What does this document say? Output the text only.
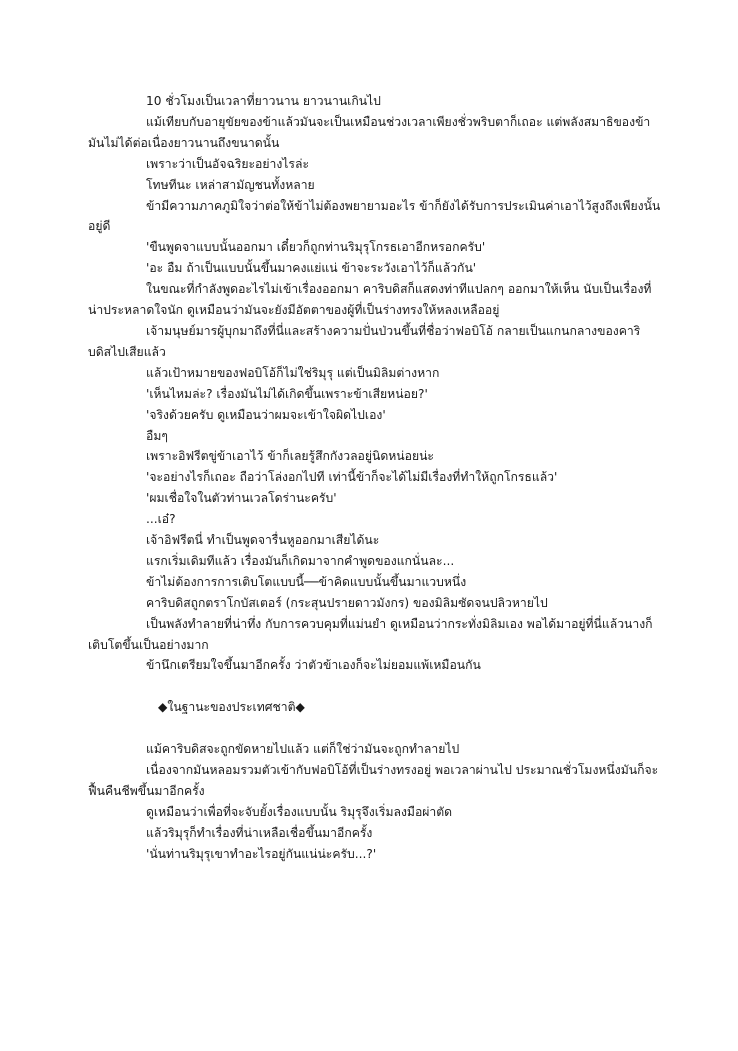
10 ชั่วโมงเป็นเวลาที่ยาวนาน ยาวนานเกินไป

แม้เทียบกับอายุขัยของข้าแล้วมันจะเป็นเหมือนช่วงเวลาเพียงชั่วพริบตาก็เถอะ แต่พลังสมาธิของข้ามันไม่ได้ต่อเนื่องยาวนานถึงขนาดนั้น

เพราะว่าเป็นอัจฉริยะอย่างไรล่ะ

โทษทีนะ เหล่าสามัญชนทั้งหลาย

ข้ามีความภาคภูมิใจว่าต่อให้ข้าไม่ต้องพยายามอะไร ข้าก็ยังได้รับการประเมินค่าเอาไว้สูงถึงเพียงนั้นอยู่ดี

'ขืนพูดจาแบบนั้นออกมา เดี๋ยวก็ถูกท่านริมุรุโกรธเอาอีกหรอกครับ'

'อะ อืม ถ้าเป็นแบบนั้นขึ้นมาคงแย่แน่ ข้าจะระวังเอาไว้ก็แล้วกัน'

ในขณะที่กำลังพูดอะไรไม่เข้าเรื่องออกมา คาริบดิสก็แสดงท่าทีแปลกๆ ออกมาให้เห็น นับเป็นเรื่องที่น่าประหลาดใจนัก ดูเหมือนว่ามันจะยังมีอัตตาของผู้ที่เป็นร่างทรงให้หลงเหลืออยู่

เจ้ามนุษย์มารผู้บุกมาถึงที่นี่และสร้างความปั่นป่วนขึ้นที่ชื่อว่าฟอบิโอ้ กลายเป็นแกนกลางของคาริบดิสไปเสียแล้ว

แล้วเป้าหมายของฟอบิโอ้ก็ไม่ใช่ริมุรุ แต่เป็นมิลิมต่างหาก

'เห็นไหมล่ะ? เรื่องมันไม่ได้เกิดขึ้นเพราะข้าเสียหน่อย?'

'จริงด้วยครับ ดูเหมือนว่าผมจะเข้าใจผิดไปเอง'

อืมๆ

เพราะอิฟรีตขู่ข้าเอาไว้ ข้าก็เลยรู้สึกกังวลอยู่นิดหน่อยน่ะ

'จะอย่างไรก็เถอะ ถือว่าโล่งอกไปที เท่านี้ข้าก็จะได้ไม่มีเรื่องที่ทำให้ถูกโกรธแล้ว'

'ผมเชื่อใจในตัวท่านเวลโดร่านะครับ'

...เอ๋?

เจ้าอิฟรีตนี่ ทำเป็นพูดจารื่นหูออกมาเสียได้นะ

แรกเริ่มเดิมทีแล้ว เรื่องมันก็เกิดมาจากคำพูดของแกนั่นละ...

ข้าไม่ต้องการการเติบโตแบบนี้──ข้าคิดแบบนั้นขึ้นมาแวบหนึ่ง

คาริบดิสถูกตราโกบัสเตอร์ (กระสุนปรายดาวมังกร) ของมิลิมซัดจนปลิวหายไป

เป็นพลังทำลายที่น่าทึ่ง กับการควบคุมที่แม่นยำ ดูเหมือนว่ากระทั่งมิลิมเอง พอได้มาอยู่ที่นี่แล้วนางก็เติบโตขึ้นเป็นอย่างมาก

ข้านึกเตรียมใจขึ้นมาอีกครั้ง ว่าตัวข้าเองก็จะไม่ยอมแพ้เหมือนกัน

◆ในฐานะของประเทศชาติ◆

แม้คาริบดิสจะถูกขัดหายไปแล้ว แต่ก็ใช่ว่ามันจะถูกทำลายไป

เนื่องจากมันหลอมรวมตัวเข้ากับฟอบิโอ้ที่เป็นร่างทรงอยู่ พอเวลาผ่านไป ประมาณชั่วโมงหนึ่งมันก็จะฟื้นคืนชีพขึ้นมาอีกครั้ง

ดูเหมือนว่าเพื่อที่จะจับยั้งเรื่องแบบนั้น ริมุรุจึงเริ่มลงมือผ่าตัด

แล้วริมุรุก็ทำเรื่องที่น่าเหลือเชื่อขึ้นมาอีกครั้ง

'นั่นท่านริมุรุเขาทำอะไรอยู่กันแน่น่ะครับ...?'
